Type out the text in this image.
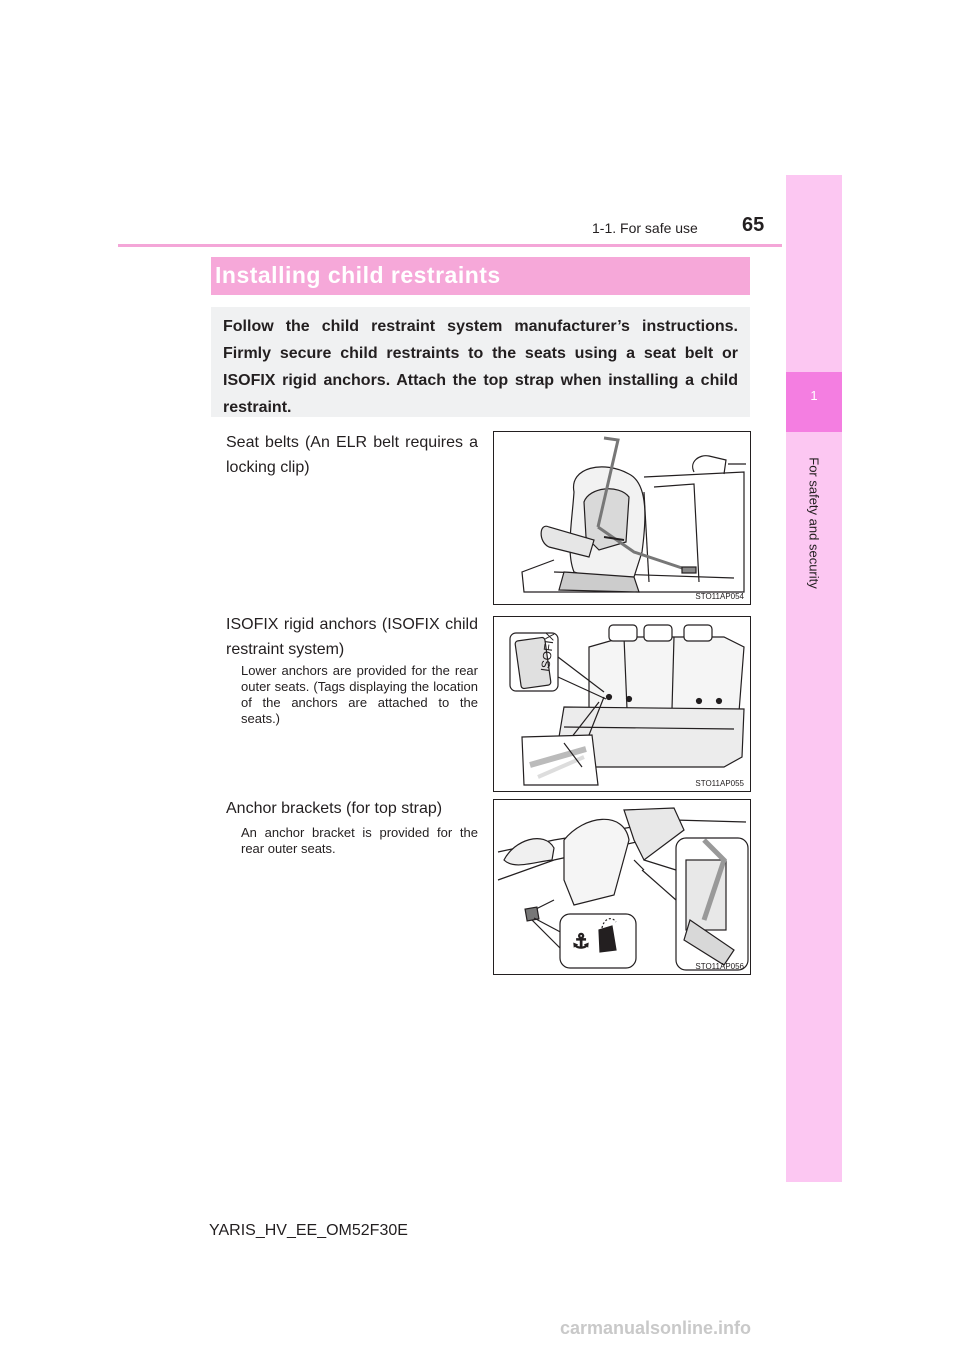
1
For safety and security
1-1. For safe use 65
Installing child restraints
Follow the child restraint system manufacturer’s instructions. Firmly secure child restraints to the seats using a seat belt or ISOFIX rigid anchors. Attach the top strap when installing a child restraint.
Seat belts (An ELR belt requires a locking clip)
STO11AP054
ISOFIX rigid anchors (ISOFIX child restraint system)
Lower anchors are provided for the rear outer seats. (Tags displaying the location of the anchors are attached to the seats.)
ISOFIX
STO11AP055
Anchor brackets (for top strap)
An anchor bracket is provided for the rear outer seats.
⚓
STO11AP056
YARIS_HV_EE_OM52F30E
carmanualsonline.info
